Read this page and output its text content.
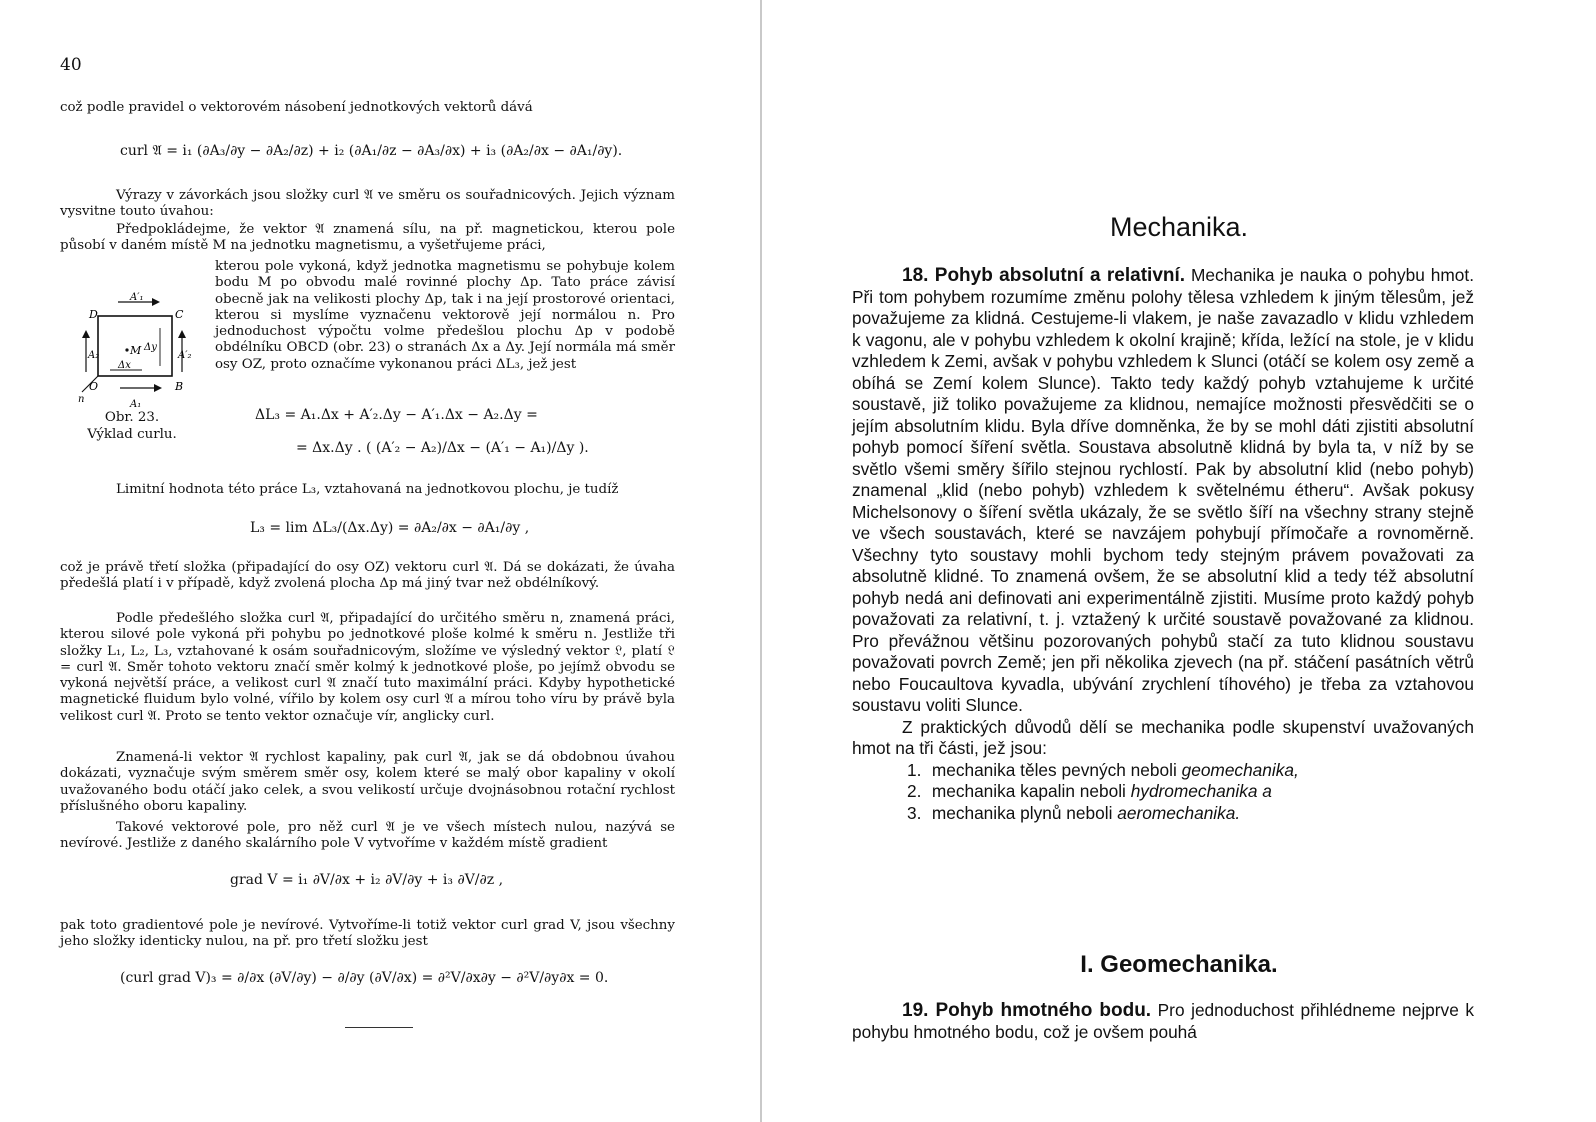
40

což podle pravidel o vektorovém násobení jednotkových vektorů dává

curl 𝔄 = i₁ (∂A₃/∂y − ∂A₂/∂z) + i₂ (∂A₁/∂z − ∂A₃/∂x) + i₃ (∂A₂/∂x − ∂A₁/∂y).

Výrazy v závorkách jsou složky curl 𝔄 ve směru os souřadnicových. Jejich význam vysvitne touto úvahou:

Předpokládejme, že vektor 𝔄 znamená sílu, na př. magnetickou, kterou pole působí v daném místě M na jednotku magnetismu, a vyšetřujeme práci,

kterou pole vykoná, když jednotka magnetismu se pohybuje kolem bodu M po obvodu malé rovinné plochy Δp. Tato práce závisí obecně jak na velikosti plochy Δp, tak i na její prostorové orientaci, kterou si myslíme vyznačenu vektorově její normálou n. Pro jednoduchost výpočtu volme předešlou plochu Δp v podobě obdélníku OBCD (obr. 23) o stranách Δx a Δy. Její normála má směr osy OZ, proto označíme vykonanou práci ΔL₃, jež jest

D	C
O	B
n
M
A₁
A′₁
A₂	A′₂
Δx
Δy
Obr. 23.
Výklad curlu.
ΔL₃ = A₁.Δx + A′₂.Δy − A′₁.Δx − A₂.Δy =
= Δx.Δy . ( (A′₂ − A₂)/Δx − (A′₁ − A₁)/Δy ).

Limitní hodnota této práce L₃, vztahovaná na jednotkovou plochu, je tudíž

L₃ = lim ΔL₃/(Δx.Δy) = ∂A₂/∂x − ∂A₁/∂y ,

což je právě třetí složka (připadající do osy OZ) vektoru curl 𝔄. Dá se dokázati, že úvaha předešlá platí i v případě, když zvolená plocha Δp má jiný tvar než obdélníkový.

Podle předešlého složka curl 𝔄, připadající do určitého směru n, znamená práci, kterou silové pole vykoná při pohybu po jednotkové ploše kolmé k směru n. Jestliže tři složky L₁, L₂, L₃, vztahované k osám souřadnicovým, složíme ve výsledný vektor 𝔏, platí 𝔏 = curl 𝔄. Směr tohoto vektoru značí směr kolmý k jednotkové ploše, po jejímž obvodu se vykoná největší práce, a velikost curl 𝔄 značí tuto maximální práci. Kdyby hypothetické magnetické fluidum bylo volné, vířilo by kolem osy curl 𝔄 a mírou toho víru by právě byla velikost curl 𝔄. Proto se tento vektor označuje vír, anglicky curl.

Znamená-li vektor 𝔄 rychlost kapaliny, pak curl 𝔄, jak se dá obdobnou úvahou dokázati, vyznačuje svým směrem směr osy, kolem které se malý obor kapaliny v okolí uvažovaného bodu otáčí jako celek, a svou velikostí určuje dvojnásobnou rotační rychlost příslušného oboru kapaliny.

Takové vektorové pole, pro něž curl 𝔄 je ve všech místech nulou, nazývá se nevírové. Jestliže z daného skalárního pole V vytvoříme v každém místě gradient

grad V = i₁ ∂V/∂x + i₂ ∂V/∂y + i₃ ∂V/∂z ,

pak toto gradientové pole je nevírové. Vytvoříme-li totiž vektor curl grad V, jsou všechny jeho složky identicky nulou, na př. pro třetí složku jest

(curl grad V)₃ = ∂/∂x (∂V/∂y) − ∂/∂y (∂V/∂x) = ∂²V/∂x∂y − ∂²V/∂y∂x = 0.
Mechanika.

18. Pohyb absolutní a relativní. Mechanika je nauka o pohybu hmot. Při tom pohybem rozumíme změnu polohy tělesa vzhledem k jiným tělesům, jež považujeme za klidná. Cestujeme-li vlakem, je naše zavazadlo v klidu vzhledem k vagonu, ale v pohybu vzhledem k okolní krajině; křída, ležící na stole, je v klidu vzhledem k Zemi, avšak v pohybu vzhledem k Slunci (otáčí se kolem osy země a obíhá se Zemí kolem Slunce). Takto tedy každý pohyb vztahujeme k určité soustavě, již toliko považujeme za klidnou, nemajíce možnosti přesvědčiti se o jejím absolutním klidu. Byla dříve domněnka, že by se mohl dáti zjistiti absolutní pohyb pomocí šíření světla. Soustava absolutně klidná by byla ta, v níž by se světlo všemi směry šířilo stejnou rychlostí. Pak by absolutní klid (nebo pohyb) znamenal „klid (nebo pohyb) vzhledem k světelnému étheru“. Avšak pokusy Michelsonovy o šíření světla ukázaly, že se světlo šíří na všechny strany stejně ve všech soustavách, které se navzájem pohybují přímočaře a rovnoměrně. Všechny tyto soustavy mohli bychom tedy stejným právem považovati za absolutně klidné. To znamená ovšem, že se absolutní klid a tedy též absolutní pohyb nedá ani definovati ani experimentálně zjistiti. Musíme proto každý pohyb považovati za relativní, t. j. vztažený k určité soustavě považované za klidnou. Pro převážnou většinu pozorovaných pohybů stačí za tuto klidnou soustavu považovati povrch Země; jen při několika zjevech (na př. stáčení pasátních větrů nebo Foucaultova kyvadla, ubývání zrychlení tíhového) je třeba za vztahovou soustavu voliti Slunce.

Z praktických důvodů dělí se mechanika podle skupenství uvažovaných hmot na tři části, jež jsou:

1. mechanika těles pevných neboli geomechanika,
2. mechanika kapalin neboli hydromechanika a
3. mechanika plynů neboli aeromechanika.
I. Geomechanika.

19. Pohyb hmotného bodu. Pro jednoduchost přihlédneme nejprve k pohybu hmotného bodu, což je ovšem pouhá
